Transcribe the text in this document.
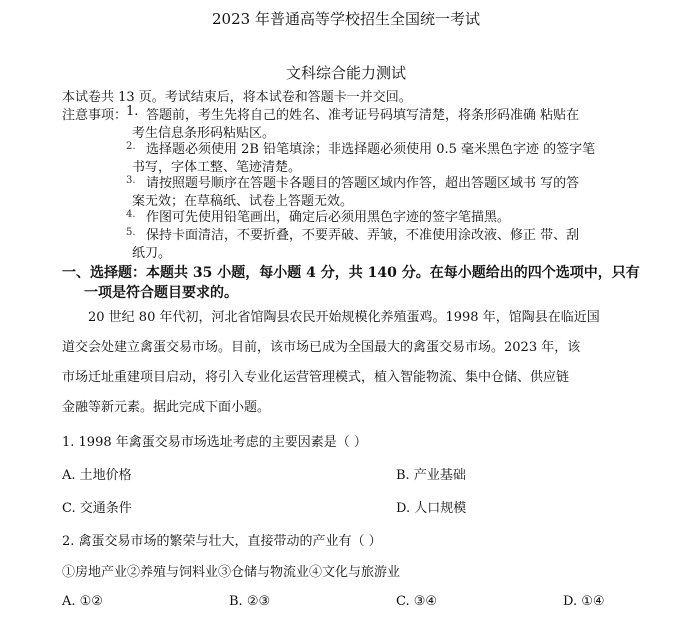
2023 年普通高等学校招生全国统一考试
文科综合能力测试
本试卷共 13 页。考试结束后，将本试卷和答题卡一并交回。
注意事项：
1. 答题前，考生先将自己的姓名、准考证号码填写清楚，将条形码准确 粘贴在
考生信息条形码粘贴区。
2. 选择题必须使用 2B 铅笔填涂；非选择题必须使用 0.5 毫米黑色字迹 的签字笔
书写，字体工整、笔迹清楚。
3. 请按照题号顺序在答题卡各题目的答题区域内作答，超出答题区域书 写的答
案无效；在草稿纸、试卷上答题无效。
4. 作图可先使用铅笔画出，确定后必须用黑色字迹的签字笔描黑。
5. 保持卡面清洁，不要折叠，不要弄破、弄皱，不准使用涂改液、修正 带、刮
纸刀。
一、选择题：本题共 35 小题，每小题 4 分，共 140 分。在每小题给出的四个选项中，只有
一项是符合题目要求的。
20 世纪 80 年代初，河北省馆陶县农民开始规模化养殖蛋鸡。1998 年，馆陶县在临近国
道交会处建立禽蛋交易市场。目前，该市场已成为全国最大的禽蛋交易市场。2023 年，该
市场迁址重建项目启动，将引入专业化运营管理模式，植入智能物流、集中仓储、供应链
金融等新元素。据此完成下面小题。
1. 1998 年禽蛋交易市场选址考虑的主要因素是（ ）
A. 土地价格	B. 产业基础
C. 交通条件	D. 人口规模
2. 禽蛋交易市场的繁荣与壮大，直接带动的产业有（ ）
①房地产业②养殖与饲料业③仓储与物流业④文化与旅游业
A. ①②	B. ②③	C. ③④	D. ①④
